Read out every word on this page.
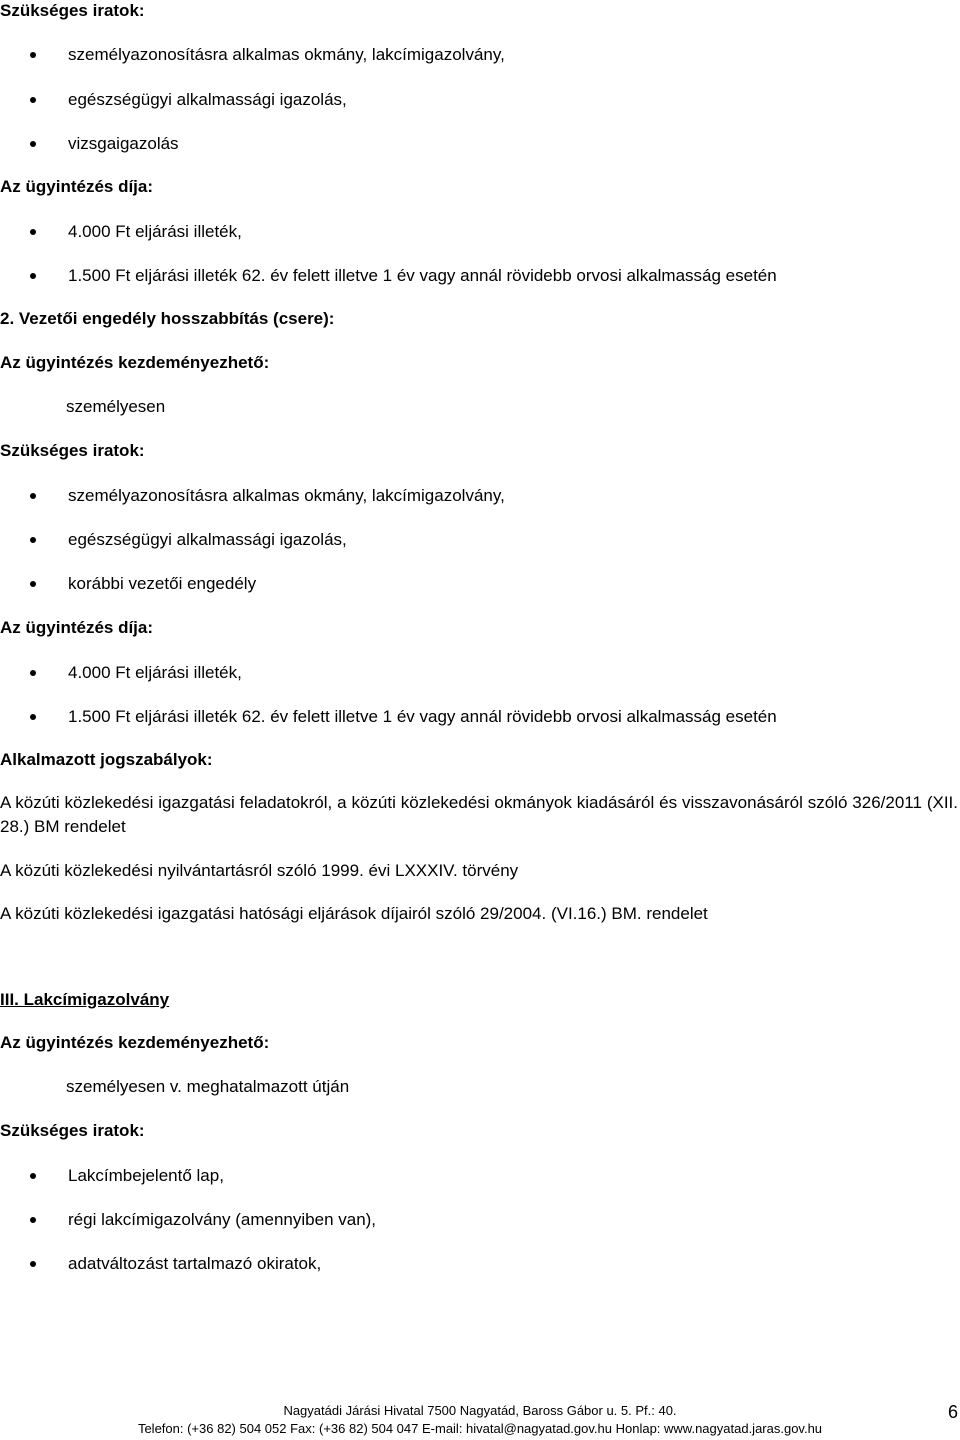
Szükséges iratok:
személyazonosításra alkalmas okmány, lakcímigazolvány,
egészségügyi alkalmassági igazolás,
vizsgaigazolás
Az ügyintézés díja:
4.000 Ft eljárási illeték,
1.500 Ft eljárási illeték 62. év felett illetve 1 év vagy annál rövidebb orvosi alkalmasság esetén
2. Vezetői engedély hosszabbítás (csere):
Az ügyintézés kezdeményezhető:
személyesen
Szükséges iratok:
személyazonosításra alkalmas okmány, lakcímigazolvány,
egészségügyi alkalmassági igazolás,
korábbi vezetői engedély
Az ügyintézés díja:
4.000 Ft eljárási illeték,
1.500 Ft eljárási illeték 62. év felett illetve 1 év vagy annál rövidebb orvosi alkalmasság esetén
Alkalmazott jogszabályok:
A közúti közlekedési igazgatási feladatokról, a közúti közlekedési okmányok kiadásáról és visszavonásáról szóló 326/2011 (XII. 28.) BM rendelet
A közúti közlekedési nyilvántartásról szóló 1999. évi LXXXIV. törvény
A közúti közlekedési igazgatási hatósági eljárások díjairól szóló 29/2004. (VI.16.) BM. rendelet
III. Lakcímigazolvány
Az ügyintézés kezdeményezhető:
személyesen v. meghatalmazott útján
Szükséges iratok:
Lakcímbejelentő lap,
régi lakcímigazolvány (amennyiben van),
adatváltozást tartalmazó okiratok,
Nagyatádi Járási Hivatal 7500 Nagyatád, Baross Gábor u. 5. Pf.: 40.
Telefon: (+36 82) 504 052 Fax: (+36 82) 504 047 E-mail: hivatal@nagyatad.gov.hu Honlap: www.nagyatad.jaras.gov.hu
6
